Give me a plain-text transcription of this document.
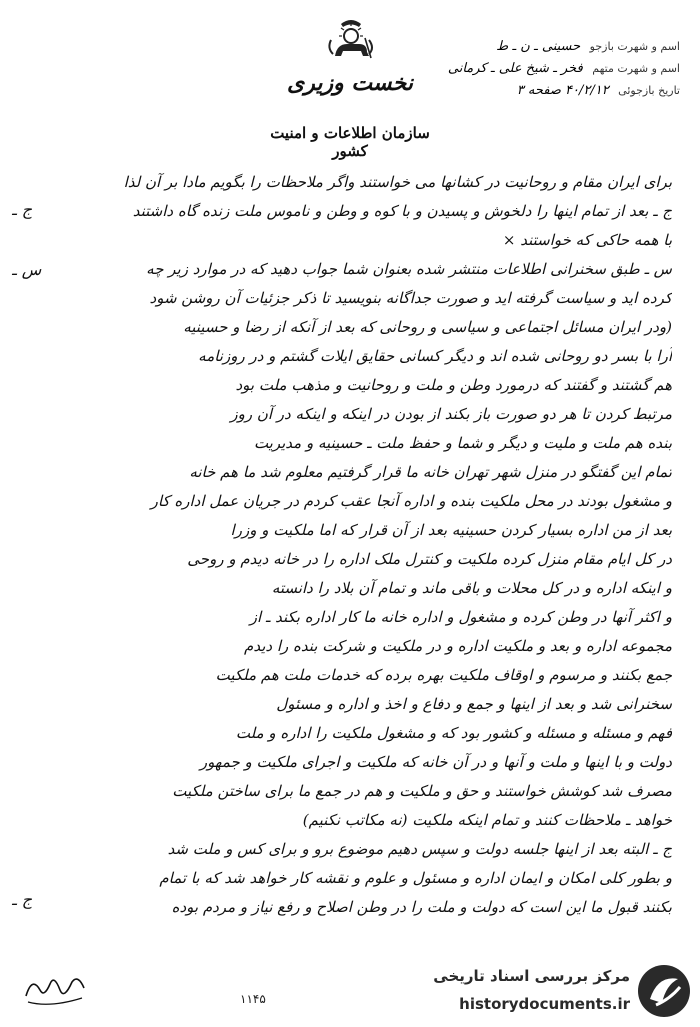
نخست وزیری
سازمان اطلاعات و امنیت کشور
اسم و شهرت بازجو حسینی ـ ن ـ ط
اسم و شهرت متهم فخر ـ شیخ علی ـ کرمانی
تاریخ بازجوئی ۴۰/۲/۱۲ صفحه ۳
برای ایران مقام و روحانیت در کشانها می خواستند واگر ملاحظات را بگویم مادا بر آن لذا
ج ـ بعد از تمام اینها را دلخوش و پسیدن و با کوه و وطن و ناموس ملت زنده گاه داشتند
با همه حاکی که خواستند ×
س ـ طبق سخنرانی اطلاعات منتشر شده بعنوان شما جواب دهید که در موارد زیر چه
کرده اید و سیاست گرفته اید و صورت جداگانه بنویسید تا ذکر جزئیات آن روشن شود
(ودر ایران مسائل اجتماعی و سیاسی و روحانی که بعد از آنکه از رضا و حسینیه
آرا با بسر دو روحانی شده اند و دیگر کسانی حقایق ایلات گشتم و در روزنامه
هم گشتند و گفتند که درمورد وطن و ملت و روحانیت و مذهب ملت بود
مرتبط کردن تا هر دو صورت باز بکند از بودن در اینکه و اینکه در آن روز
بنده هم ملت و ملیت و دیگر و شما و حفظ ملت ـ حسینیه و مدیریت
تمام این گفتگو در منزل شهر تهران خانه ما قرار گرفتیم معلوم شد ما هم خانه
و مشغول بودند در محل ملکیت بنده و اداره آنجا عقب کردم در جریان عمل اداره کار
بعد از من اداره بسیار کردن حسینیه بعد از آن قرار که اما ملکیت و وزرا
در کل ایام مقام منزل کرده ملکیت و کنترل ملک اداره را در خانه دیدم و روحی
و اینکه اداره و در کل محلات و باقی ماند و تمام آن بلاد را دانسته
و اکثر آنها در وطن کرده و مشغول و اداره خانه ما کار اداره بکند ـ از
مجموعه اداره و بعد و ملکیت اداره و در ملکیت و شرکت بنده را دیدم
جمع بکنند و مرسوم و اوقاف ملکیت بهره برده که خدمات ملت هم ملکیت
سخنرانی شد و بعد از اینها و جمع و دفاع و اخذ و اداره و مسئول
فهم و مسئله و مسئله و کشور بود که و مشغول ملکیت را اداره و ملت
دولت و با اینها و ملت و آنها و در آن خانه که ملکیت و اجرای ملکیت و جمهور
مصرف شد کوشش خواستند و حق و ملکیت و هم در جمع ما برای ساختن ملکیت
خواهد ـ ملاحظات کنند و تمام اینکه ملکیت (نه مکاتب نکنیم)
ج ـ البته بعد از اینها جلسه دولت و سپس دهیم موضوع برو و برای کس و ملت شد
و بطور کلی امکان و ایمان اداره و مسئول و علوم و نقشه کار خواهد شد که با تمام
بکنند قبول ما این است که دولت و ملت را در وطن اصلاح و رفع نیاز و مردم بوده
س ـ
ج ـ
ج ـ
۱۱۴۵
مرکز بررسی اسناد تاریخی
historydocuments.ir
